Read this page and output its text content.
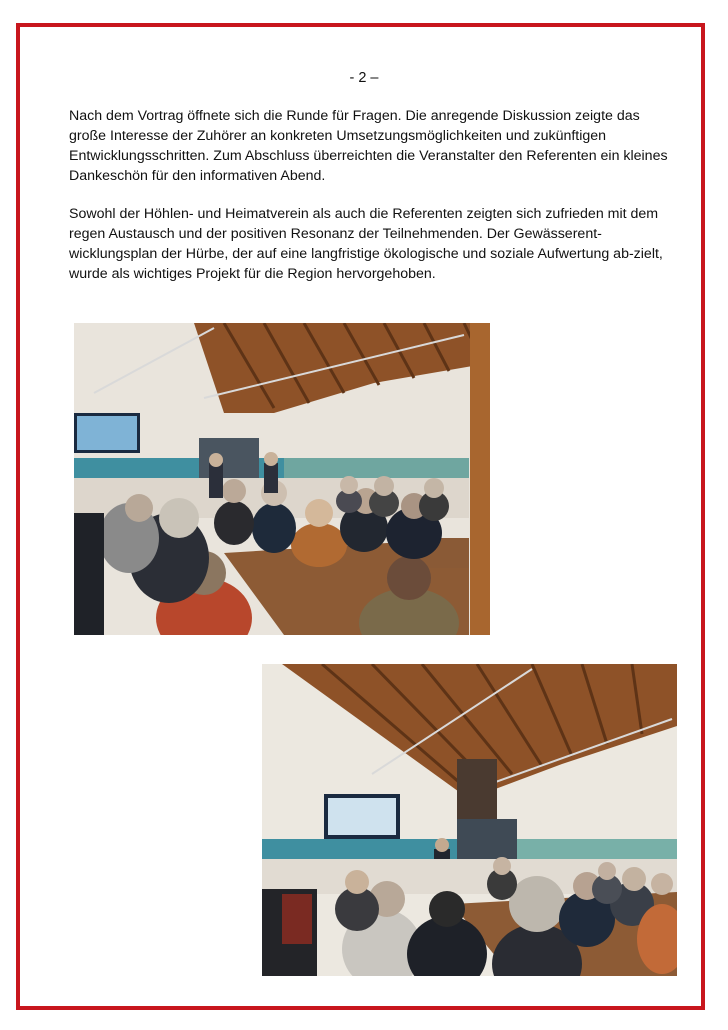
- 2 –

Nach dem Vortrag öffnete sich die Runde für Fragen. Die anregende Diskussion zeigte das große Interesse der Zuhörer an konkreten Umsetzungsmöglichkeiten und zukünftigen Entwicklungsschritten. Zum Abschluss überreichten die Veranstalter den Referenten ein kleines Dankeschön für den informativen Abend.

Sowohl der Höhlen- und Heimatverein als auch die Referenten zeigten sich zufrieden mit dem regen Austausch und der positiven Resonanz der Teilnehmenden. Der Gewässerent-wicklungsplan der Hürbe, der auf eine langfristige ökologische und soziale Aufwertung ab-zielt, wurde als wichtiges Projekt für die Region hervorgehoben.
